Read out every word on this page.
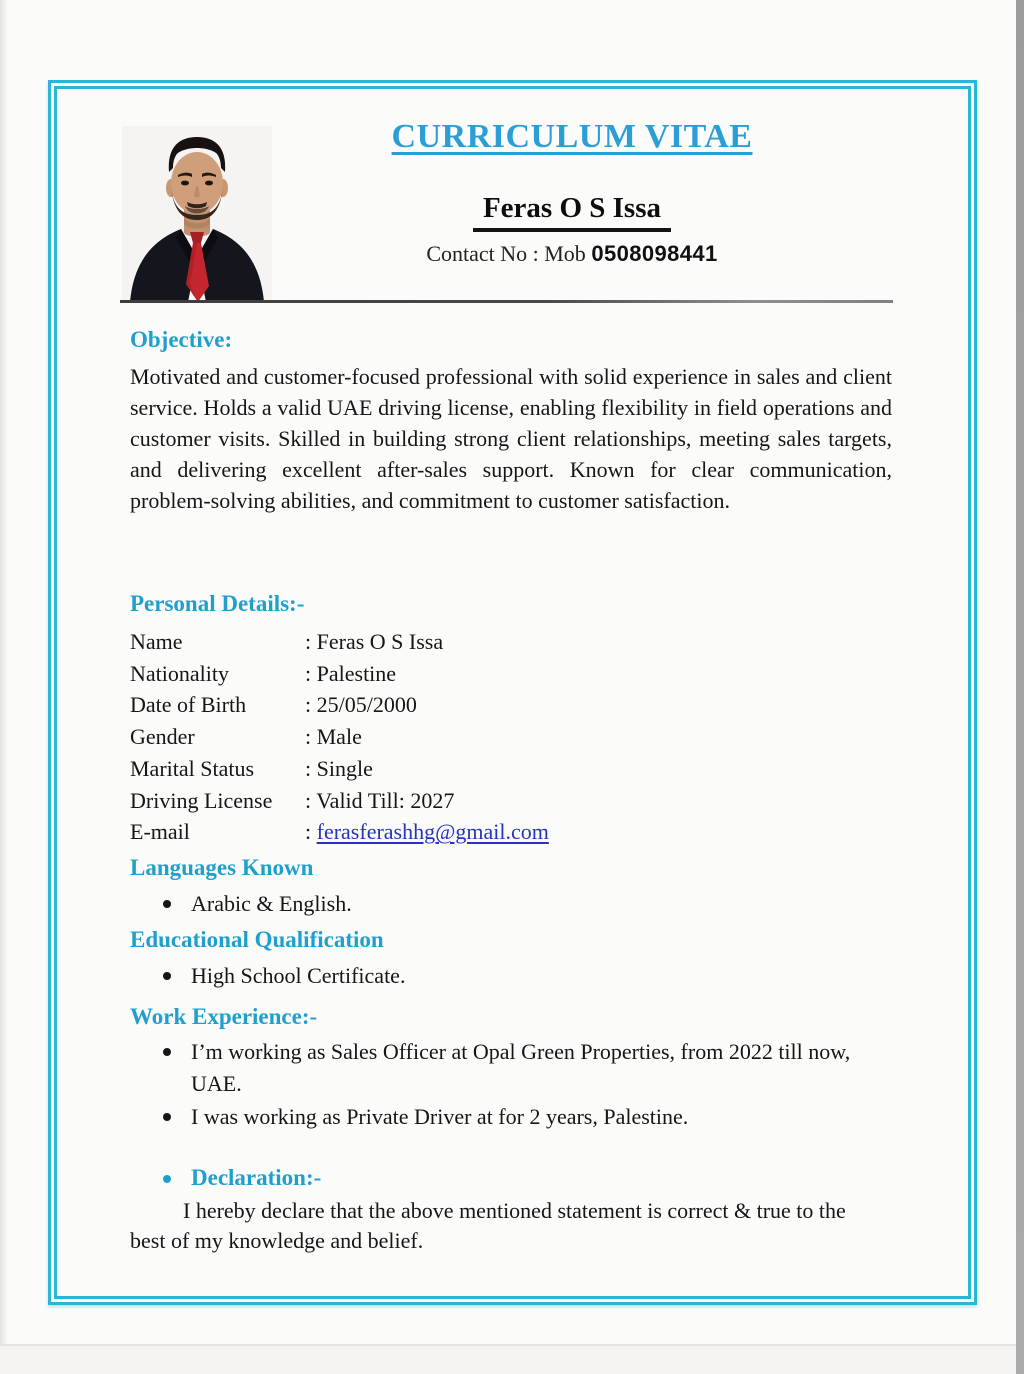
CURRICULUM VITAE
Feras O S Issa
Contact No : Mob 0508098441
Objective:
Motivated and customer-focused professional with solid experience in sales and client service. Holds a valid UAE driving license, enabling flexibility in field operations and customer visits. Skilled in building strong client relationships, meeting sales targets, and delivering excellent after-sales support. Known for clear communication, problem-solving abilities, and commitment to customer satisfaction.
Personal Details:-
Name	: Feras O S Issa
Nationality	: Palestine
Date of Birth	: 25/05/2000
Gender	: Male
Marital Status	: Single
Driving License	: Valid Till: 2027
E-mail	: ferasferashhg@gmail.com
Languages Known
Arabic & English.
Educational Qualification
High School Certificate.
Work Experience:-
I’m working as Sales Officer at Opal Green Properties, from 2022 till now, UAE.
I was working as Private Driver at for 2 years, Palestine.
Declaration:-
I hereby declare that the above mentioned statement is correct & true to the best of my knowledge and belief.
